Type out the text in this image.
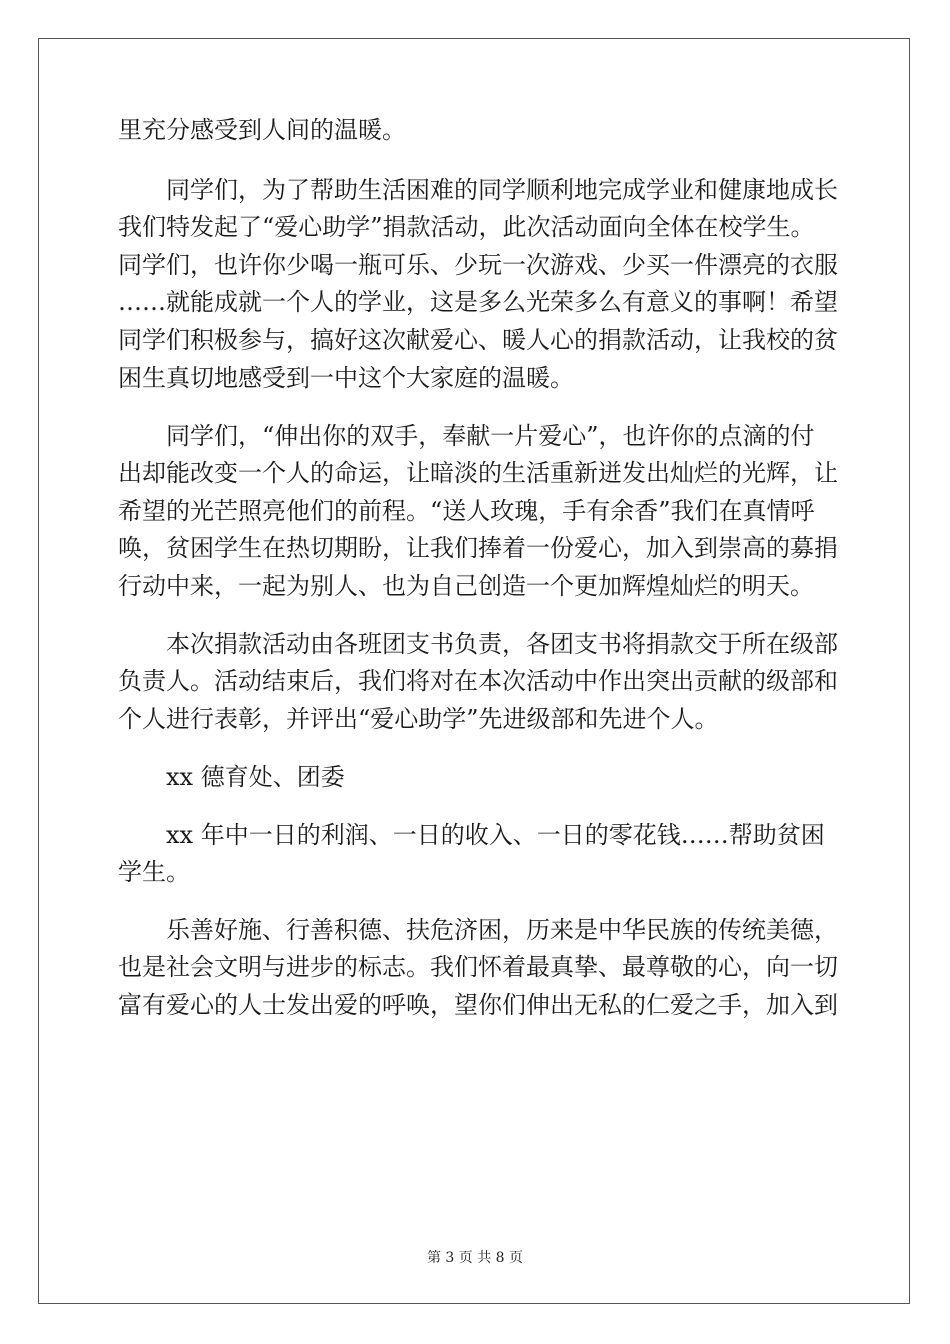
里充分感受到人间的温暖。
同学们，为了帮助生活困难的同学顺利地完成学业和健康地成长
我们特发起了“爱心助学”捐款活动，此次活动面向全体在校学生。
同学们，也许你少喝一瓶可乐、少玩一次游戏、少买一件漂亮的衣服
……就能成就一个人的学业，这是多么光荣多么有意义的事啊！希望
同学们积极参与，搞好这次献爱心、暖人心的捐款活动，让我校的贫
困生真切地感受到一中这个大家庭的温暖。
同学们，“伸出你的双手，奉献一片爱心”，也许你的点滴的付
出却能改变一个人的命运，让暗淡的生活重新迸发出灿烂的光辉，让
希望的光芒照亮他们的前程。“送人玫瑰，手有余香”我们在真情呼
唤，贫困学生在热切期盼，让我们捧着一份爱心，加入到崇高的募捐
行动中来，一起为别人、也为自己创造一个更加辉煌灿烂的明天。
本次捐款活动由各班团支书负责，各团支书将捐款交于所在级部
负责人。活动结束后，我们将对在本次活动中作出突出贡献的级部和
个人进行表彰，并评出“爱心助学”先进级部和先进个人。
xx 德育处、团委
xx 年中一日的利润、一日的收入、一日的零花钱……帮助贫困
学生。
乐善好施、行善积德、扶危济困，历来是中华民族的传统美德，
也是社会文明与进步的标志。我们怀着最真挚、最尊敬的心，向一切
富有爱心的人士发出爱的呼唤，望你们伸出无私的仁爱之手，加入到
第 3 页 共 8 页
